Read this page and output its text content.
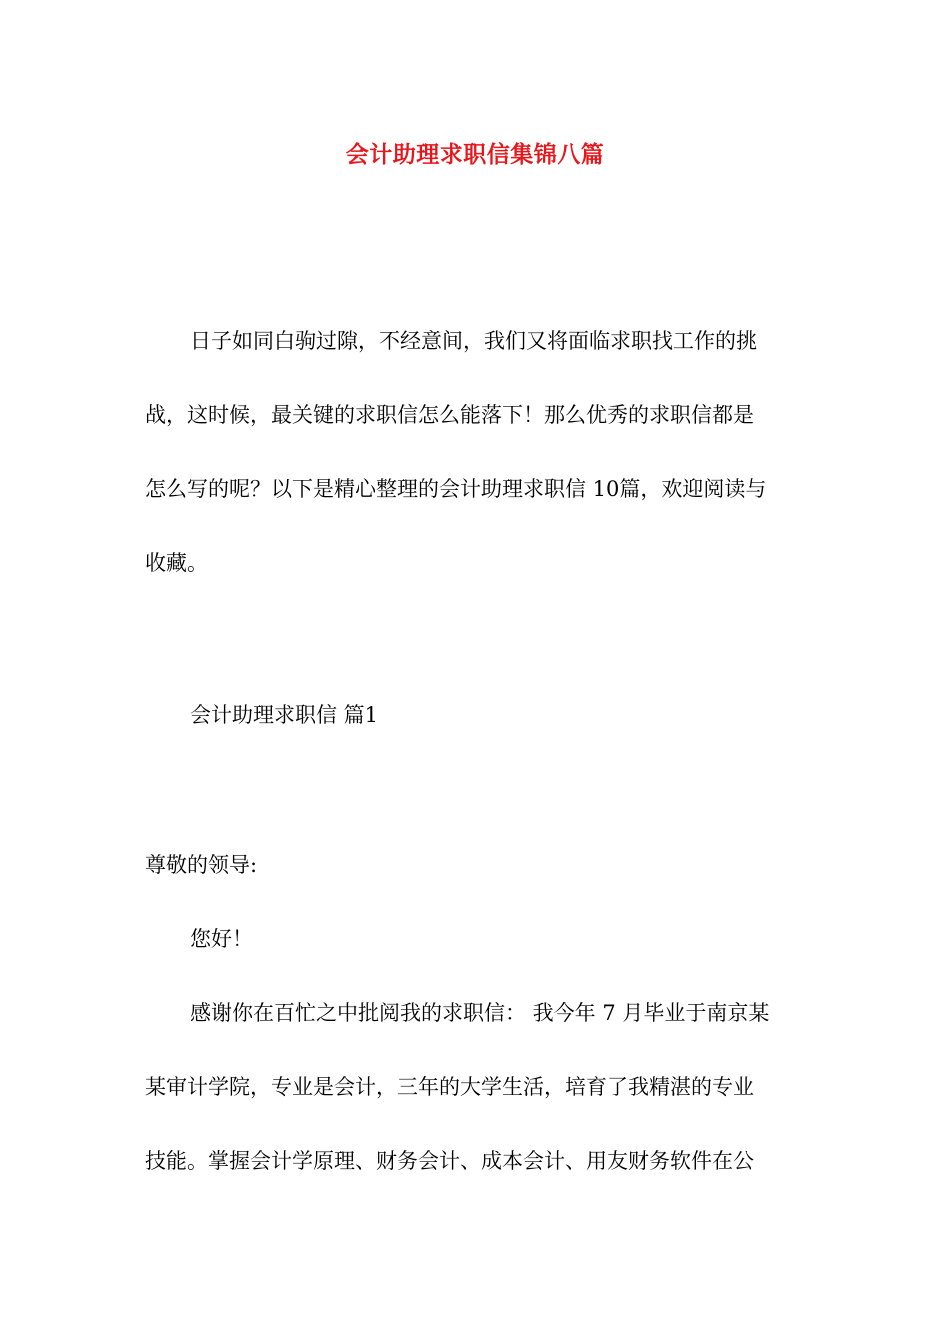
会计助理求职信集锦八篇
日子如同白驹过隙，不经意间，我们又将面临求职找工作的挑
战，这时候，最关键的求职信怎么能落下！那么优秀的求职信都是
怎么写的呢？以下是精心整理的会计助理求职信 10篇，欢迎阅读与
收藏。
会计助理求职信 篇1
尊敬的领导:
您好！
感谢你在百忙之中批阅我的求职信： 我今年 7 月毕业于南京某
某审计学院，专业是会计，三年的大学生活，培育了我精湛的专业
技能。掌握会计学原理、财务会计、成本会计、用友财务软件在公
